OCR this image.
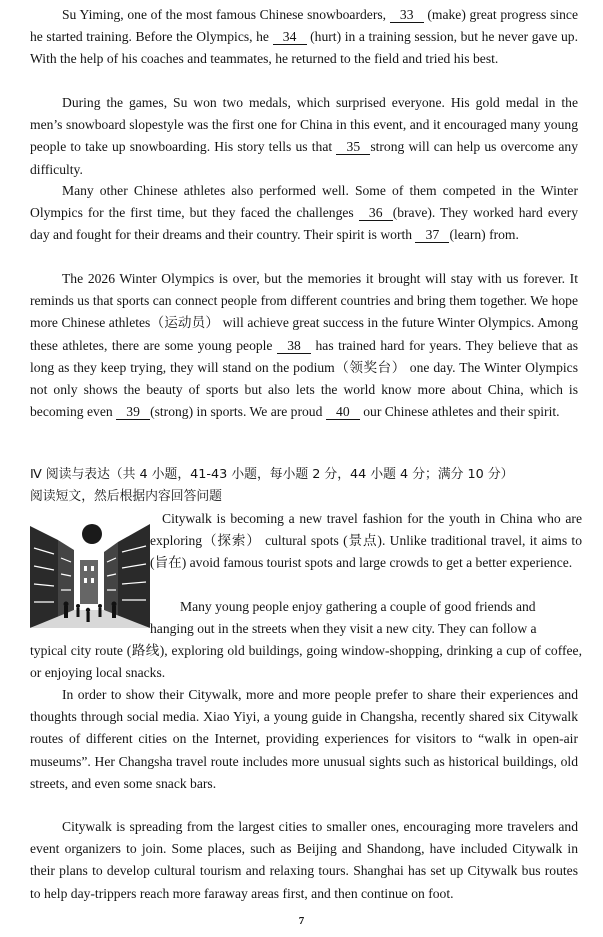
Su Yiming, one of the most famous Chinese snowboarders, 33 (make) great progress since he started training. Before the Olympics, he 34 (hurt) in a training session, but he never gave up. With the help of his coaches and teammates, he returned to the field and tried his best.

During the games, Su won two medals, which surprised everyone. His gold medal in the men’s snowboard slopestyle was the first one for China in this event, and it encouraged many young people to take up snowboarding. His story tells us that 35 strong will can help us overcome any difficulty.

Many other Chinese athletes also performed well. Some of them competed in the Winter Olympics for the first time, but they faced the challenges 36 (brave). They worked hard every day and fought for their dreams and their country. Their spirit is worth 37 (learn) from.

The 2026 Winter Olympics is over, but the memories it brought will stay with us forever. It reminds us that sports can connect people from different countries and bring them together. We hope more Chinese athletes（运动员） will achieve great success in the future Winter Olympics. Among these athletes, there are some young people 38 has trained hard for years. They believe that as long as they keep trying, they will stand on the podium（领奖台） one day. The Winter Olympics not only shows the beauty of sports but also lets the world know more about China, which is becoming even 39 (strong) in sports. We are proud 40 our Chinese athletes and their spirit.

Ⅳ 阅读与表达（共 4 小题，41-43 小题，每小题 2 分，44 小题 4 分；满分 10 分）
阅读短文，然后根据内容回答问题

Citywalk is becoming a new travel fashion for the youth in China who are exploring（探索） cultural spots (景点). Unlike traditional travel, it aims to (旨在) avoid famous tourist spots and large crowds to get a better experience.

Many young people enjoy gathering a couple of good friends and

hanging out in the streets when they visit a new city. They can follow a

typical city route (路线), exploring old buildings, going window-shopping, drinking a cup of coffee, or enjoying local snacks.

In order to show their Citywalk, more and more people prefer to share their experiences and thoughts through social media. Xiao Yiyi, a young guide in Changsha, recently shared six Citywalk routes of different cities on the Internet, providing experiences for visitors to “walk in open-air museums”. Her Changsha travel route includes more unusual sights such as historical buildings, old streets, and even some snack bars.

Citywalk is spreading from the largest cities to smaller ones, encouraging more travelers and event organizers to join. Some places, such as Beijing and Shandong, have included Citywalk in their plans to develop cultural tourism and relaxing tours. Shanghai has set up Citywalk bus routes to help day-trippers reach more faraway areas first, and then continue on foot.

7
